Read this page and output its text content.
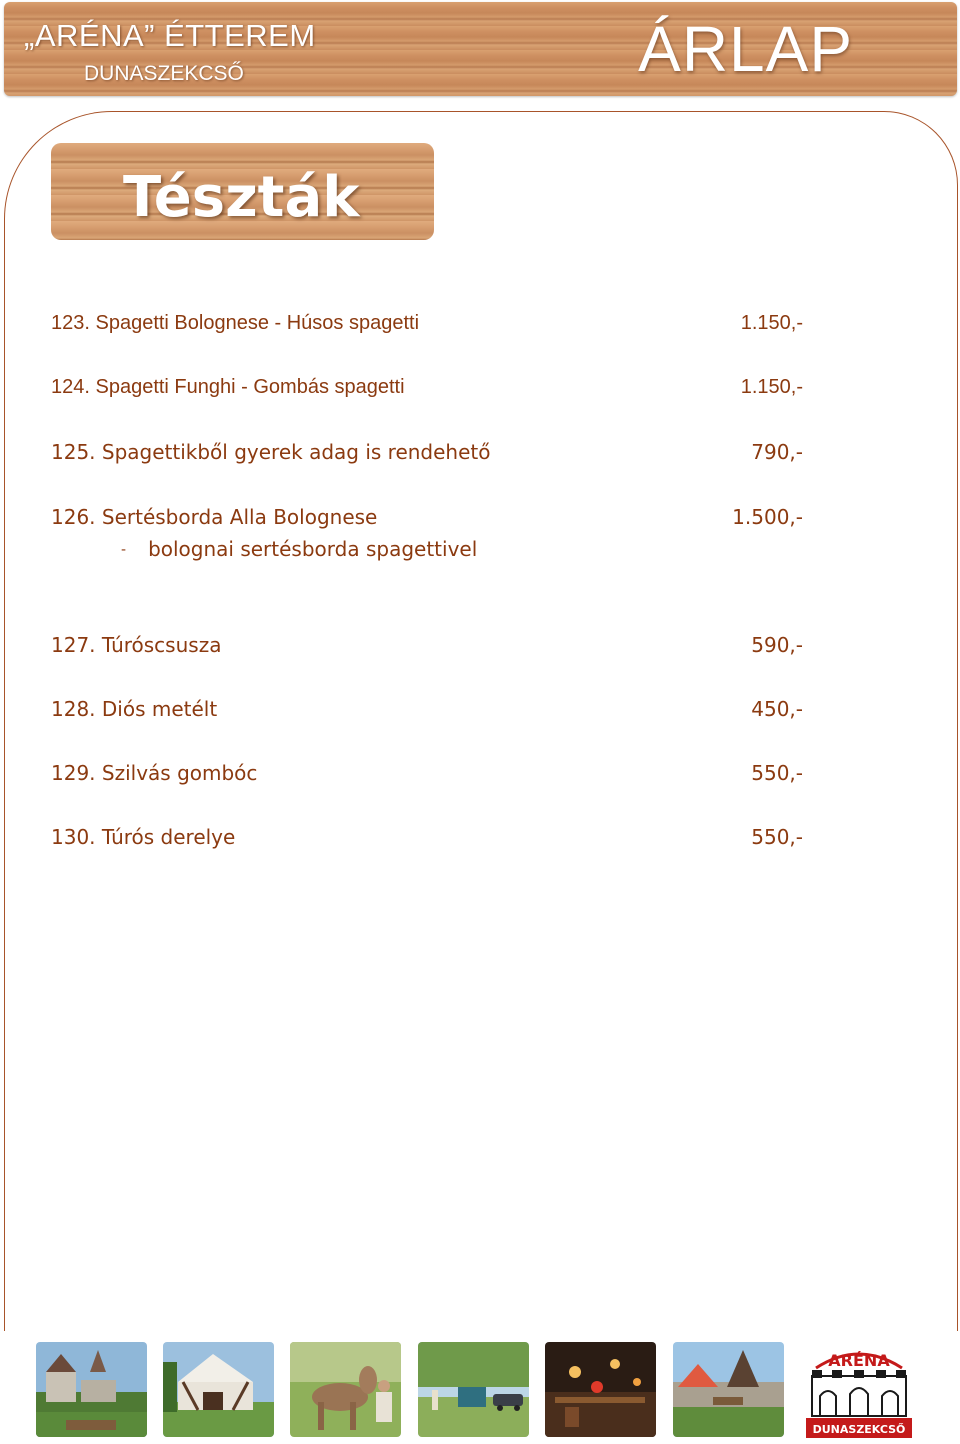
„ARÉNA” ÉTTEREM
DUNASZEKCSŐ	ÁRLAP
Tészták
123. Spagetti Bolognese - Húsos spagetti	1.150,-
124. Spagetti Funghi - Gombás spagetti	1.150,-
125. Spagettikből gyerek adag is rendehető	790,-
126. Sertésborda Alla Bolognese	1.500,-
- bolognai sertésborda spagettivel
127. Túróscsusza	590,-
128. Diós metélt	450,-
129. Szilvás gombóc	550,-
130. Túrós derelye	550,-
ARÉNA
DUNASZEKCSŐ
